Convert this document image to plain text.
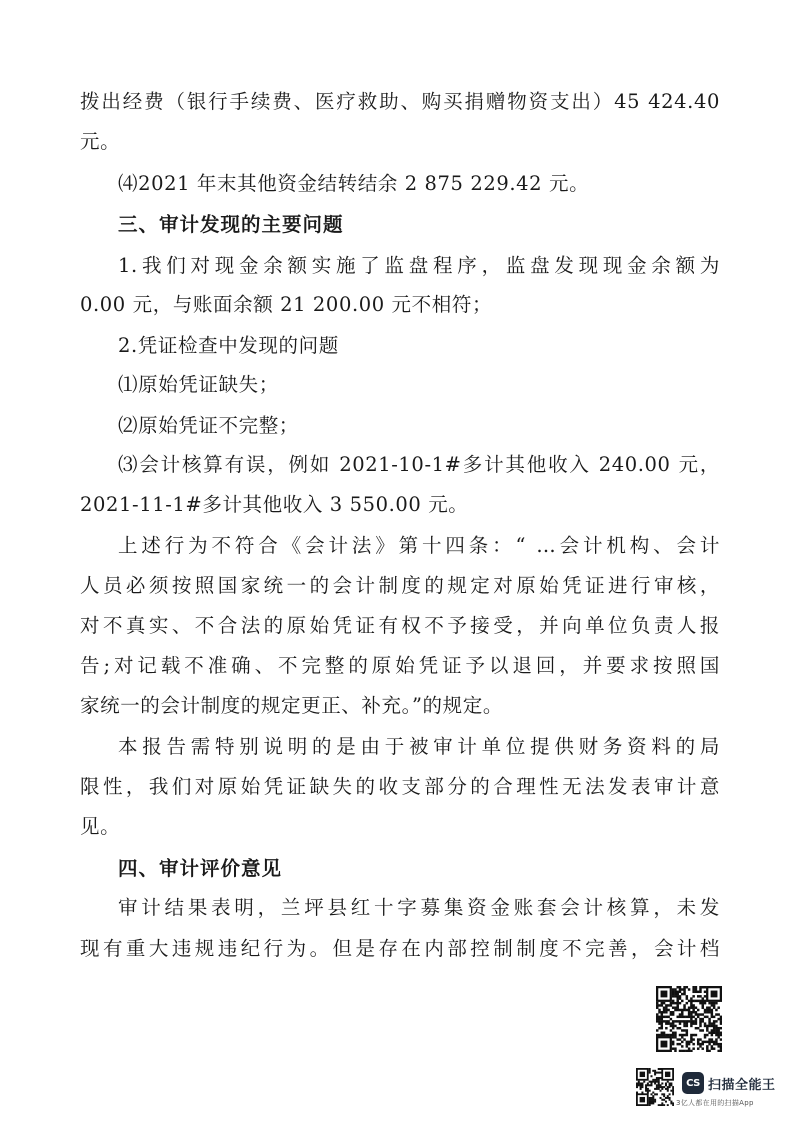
拨出经费（银行手续费、医疗救助、购买捐赠物资支出）45 424.40
元。
⑷2021 年末其他资金结转结余 2 875 229.42 元。
三、审计发现的主要问题
1.我们对现金余额实施了监盘程序，监盘发现现金余额为
0.00 元，与账面余额 21 200.00 元不相符；
2.凭证检查中发现的问题
⑴原始凭证缺失；
⑵原始凭证不完整；
⑶会计核算有误，例如 2021-10-1#多计其他收入 240.00 元，
2021-11-1#多计其他收入 3 550.00 元。
上述行为不符合《会计法》第十四条：“ …会计机构、会计
人员必须按照国家统一的会计制度的规定对原始凭证进行审核，
对不真实、不合法的原始凭证有权不予接受，并向单位负责人报
告;对记载不准确、不完整的原始凭证予以退回，并要求按照国
家统一的会计制度的规定更正、补充。”的规定。
本报告需特别说明的是由于被审计单位提供财务资料的局
限性，我们对原始凭证缺失的收支部分的合理性无法发表审计意
见。
四、审计评价意见
审计结果表明，兰坪县红十字募集资金账套会计核算，未发
现有重大违规违纪行为。但是存在内部控制制度不完善，会计档
CS 扫描全能王
3亿人都在用的扫描App
